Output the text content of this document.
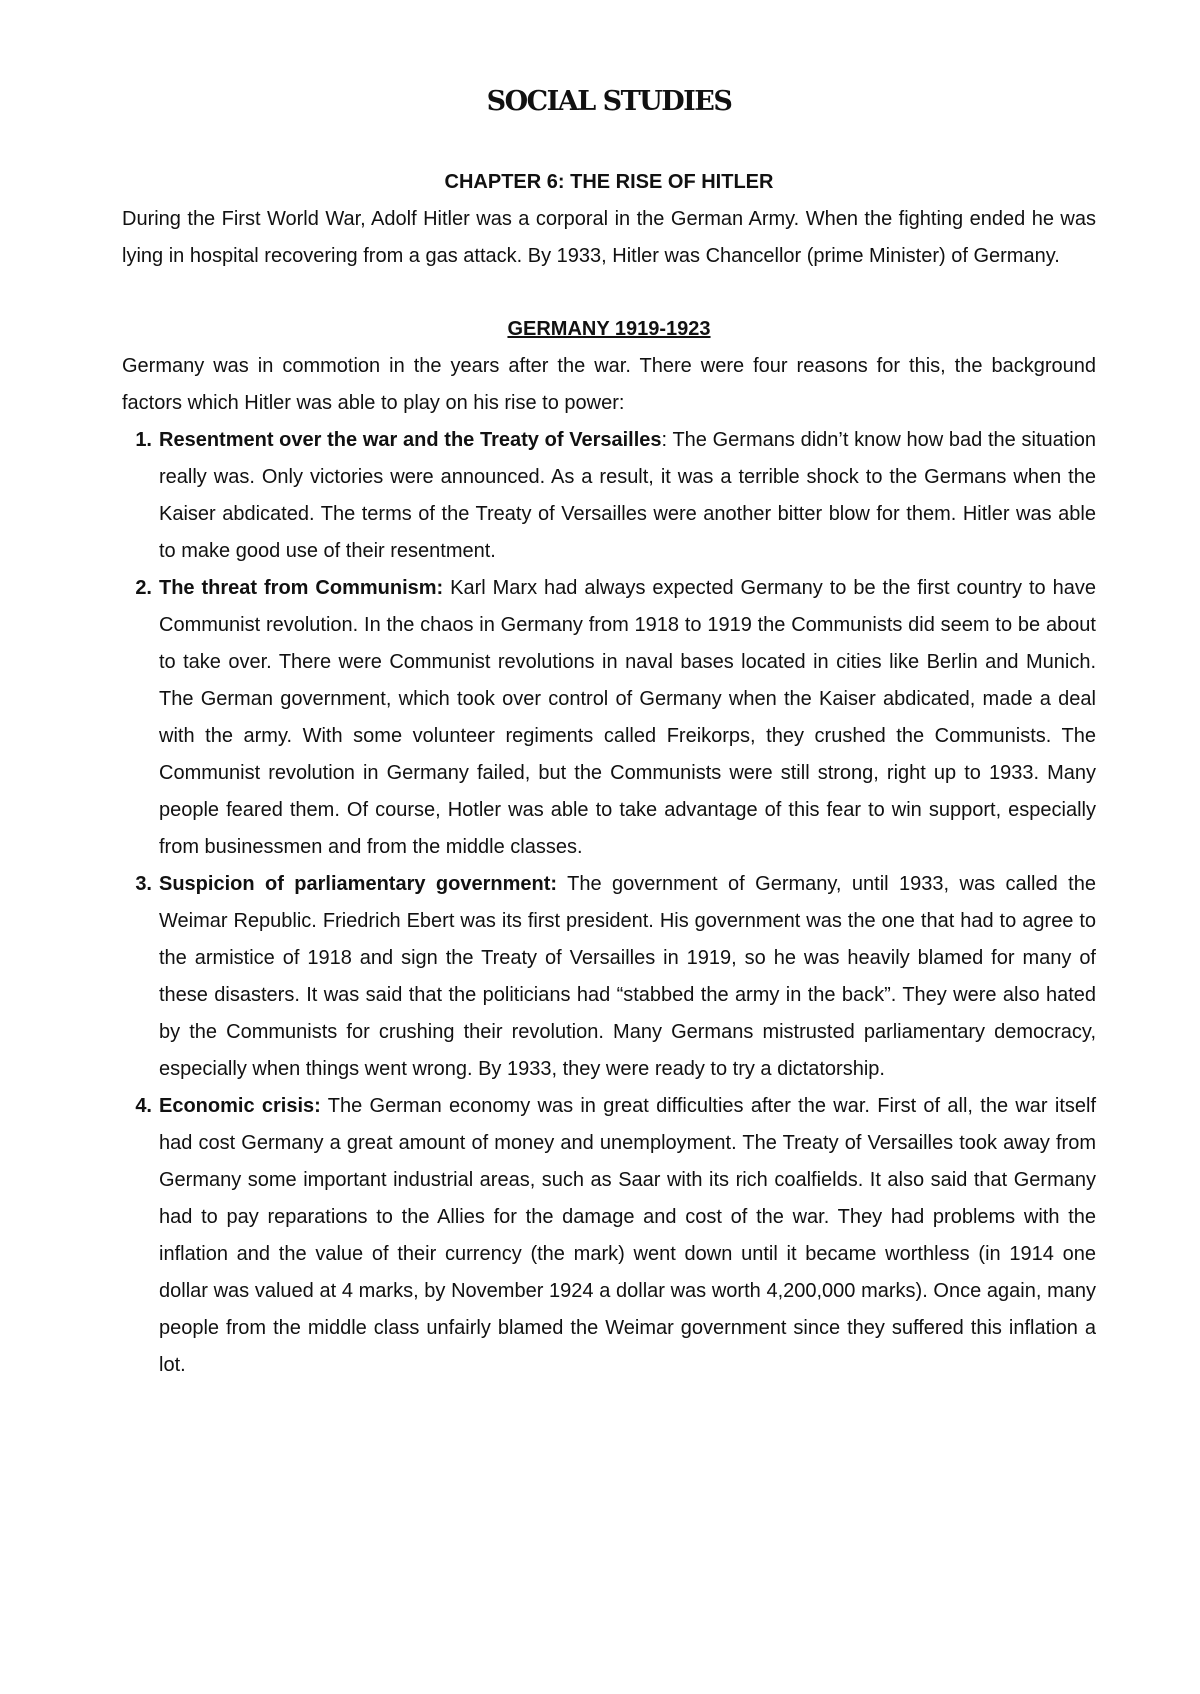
SOCIAL STUDIES
CHAPTER 6: THE RISE OF HITLER

During the First World War, Adolf Hitler was a corporal in the German Army. When the fighting ended he was lying in hospital recovering from a gas attack. By 1933, Hitler was Chancellor (prime Minister) of Germany.

GERMANY 1919-1923

Germany was in commotion in the years after the war. There were four reasons for this, the background factors which Hitler was able to play on his rise to power:

1. Resentment over the war and the Treaty of Versailles: The Germans didn’t know how bad the situation really was. Only victories were announced. As a result, it was a terrible shock to the Germans when the Kaiser abdicated. The terms of the Treaty of Versailles were another bitter blow for them. Hitler was able to make good use of their resentment.
2. The threat from Communism: Karl Marx had always expected Germany to be the first country to have Communist revolution. In the chaos in Germany from 1918 to 1919 the Communists did seem to be about to take over. There were Communist revolutions in naval bases located in cities like Berlin and Munich. The German government, which took over control of Germany when the Kaiser abdicated, made a deal with the army. With some volunteer regiments called Freikorps, they crushed the Communists. The Communist revolution in Germany failed, but the Communists were still strong, right up to 1933. Many people feared them. Of course, Hotler was able to take advantage of this fear to win support, especially from businessmen and from the middle classes.
3. Suspicion of parliamentary government: The government of Germany, until 1933, was called the Weimar Republic. Friedrich Ebert was its first president. His government was the one that had to agree to the armistice of 1918 and sign the Treaty of Versailles in 1919, so he was heavily blamed for many of these disasters. It was said that the politicians had “stabbed the army in the back”. They were also hated by the Communists for crushing their revolution. Many Germans mistrusted parliamentary democracy, especially when things went wrong. By 1933, they were ready to try a dictatorship.
4. Economic crisis: The German economy was in great difficulties after the war. First of all, the war itself had cost Germany a great amount of money and unemployment. The Treaty of Versailles took away from Germany some important industrial areas, such as Saar with its rich coalfields. It also said that Germany had to pay reparations to the Allies for the damage and cost of the war. They had problems with the inflation and the value of their currency (the mark) went down until it became worthless (in 1914 one dollar was valued at 4 marks, by November 1924 a dollar was worth 4,200,000 marks). Once again, many people from the middle class unfairly blamed the Weimar government since they suffered this inflation a lot.
